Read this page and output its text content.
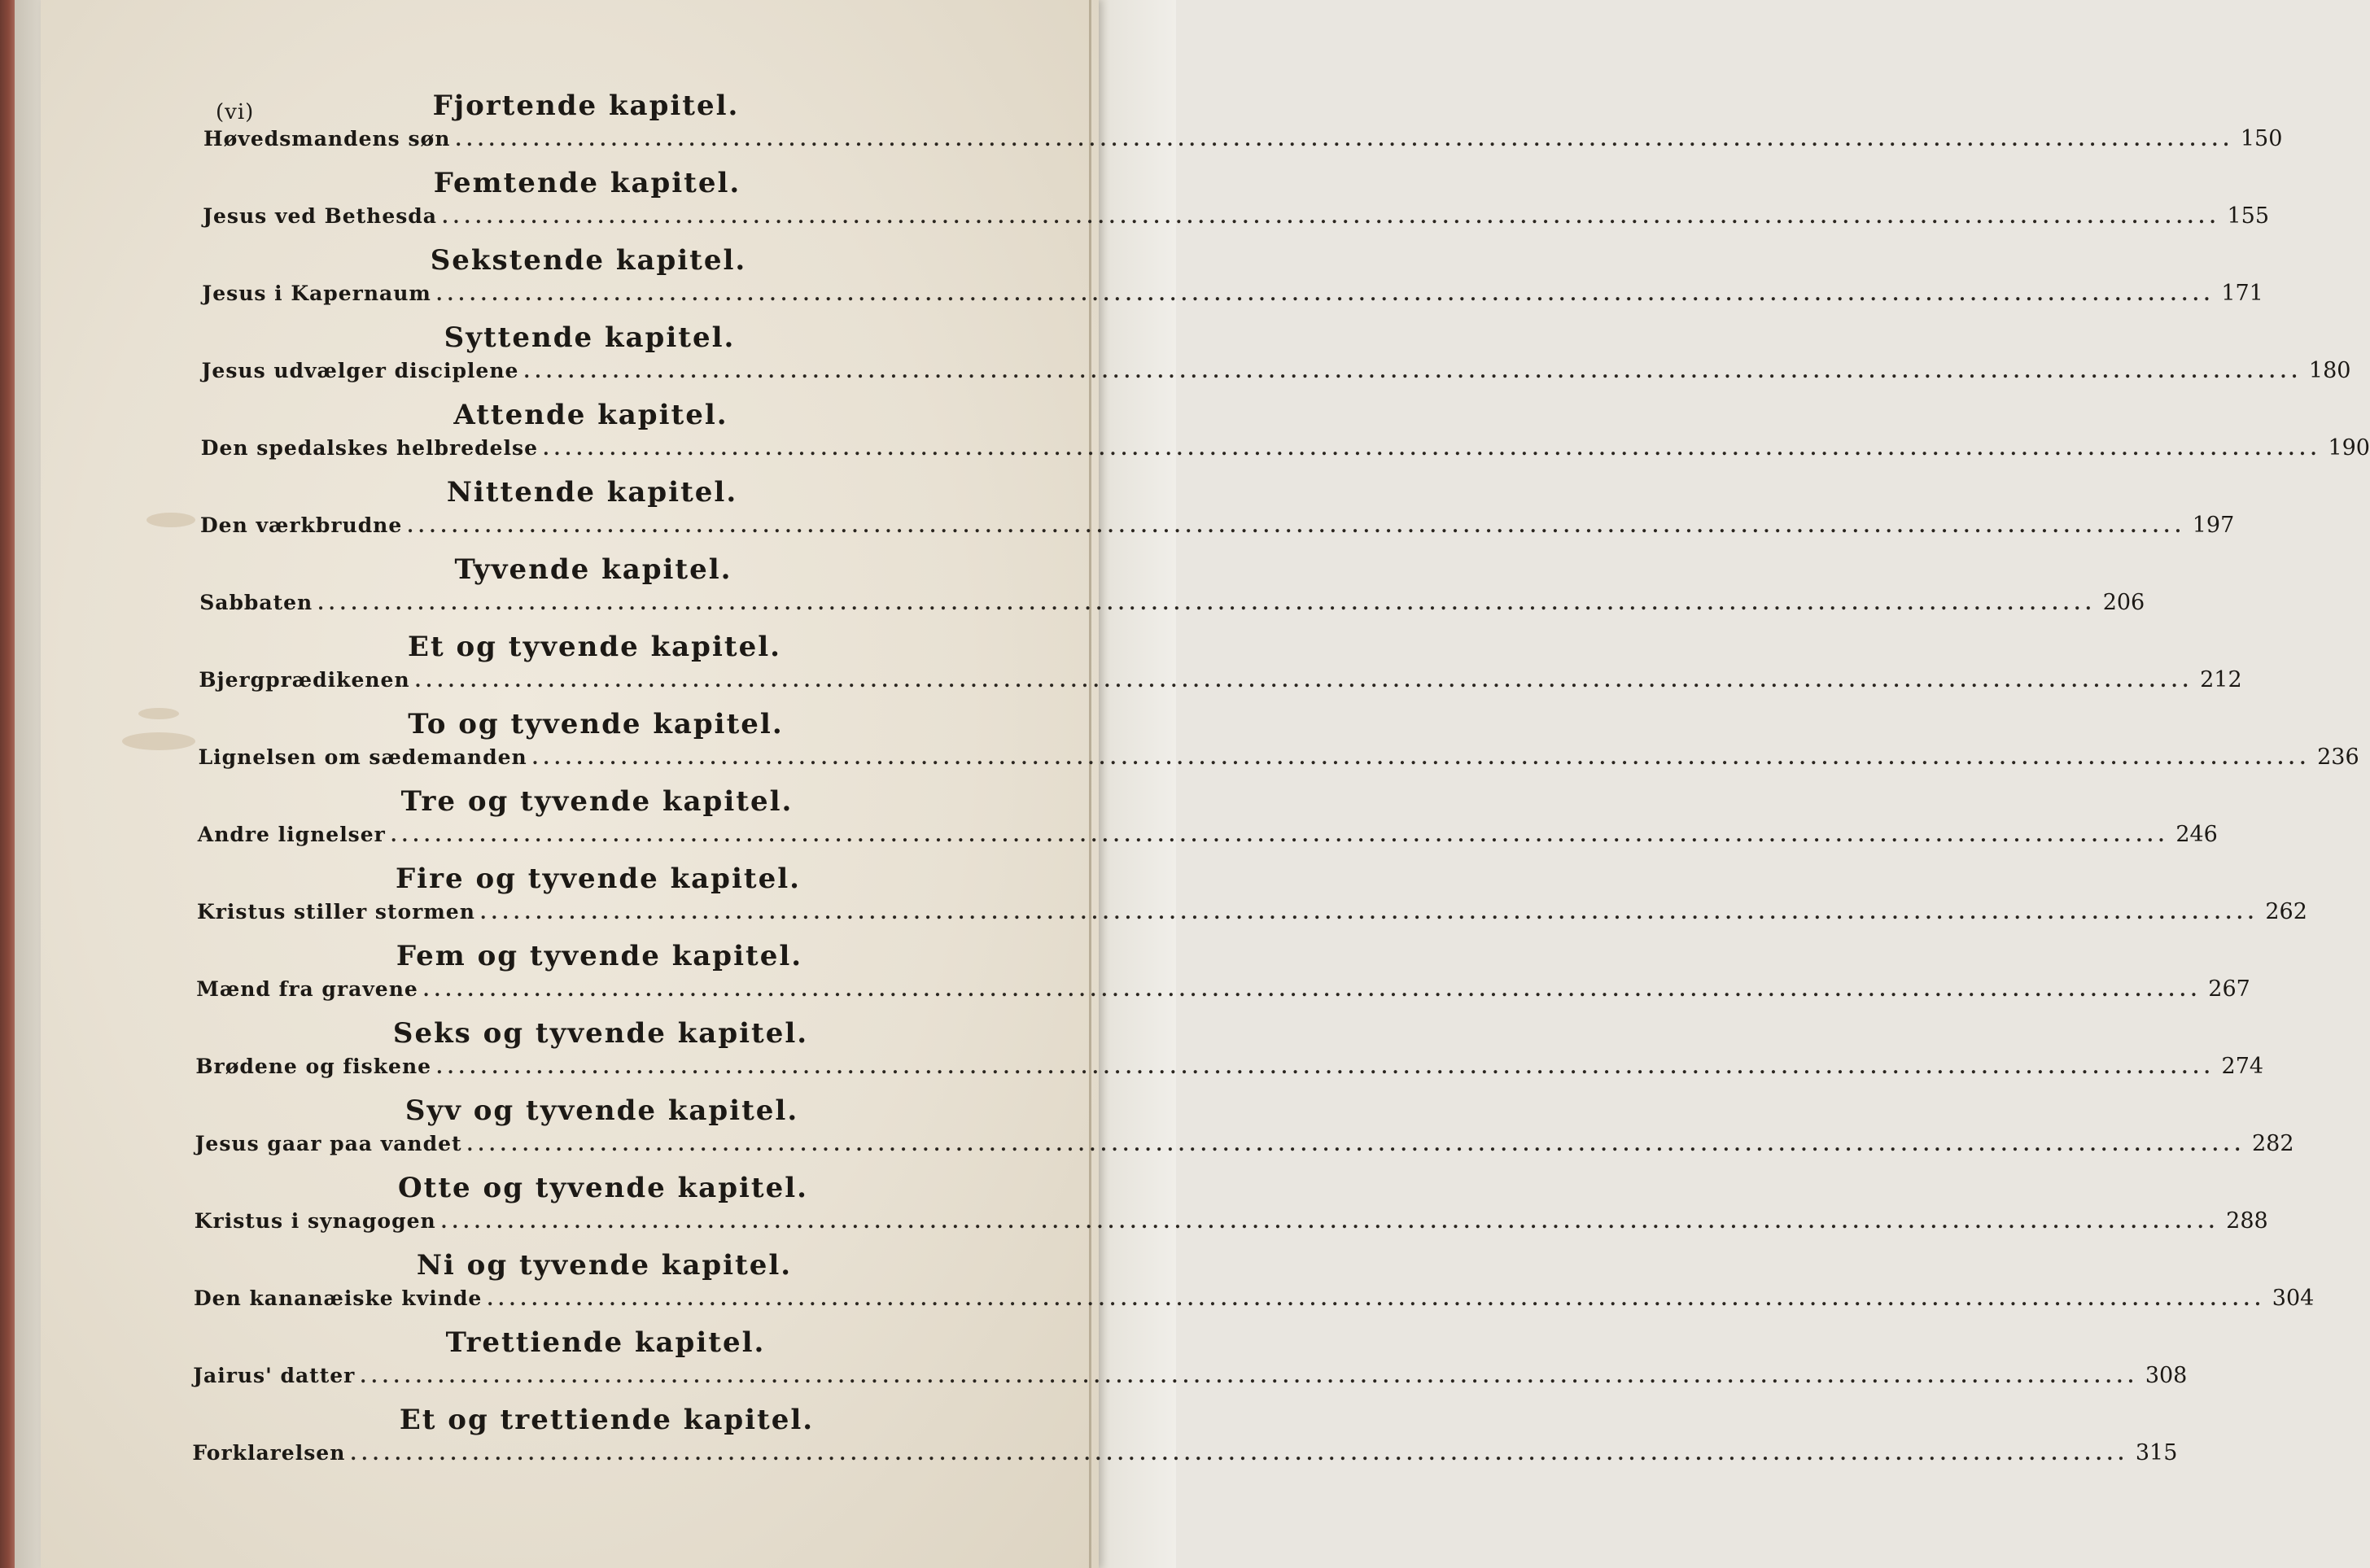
(vi)	Fjortende kapitel.
Høvedsmandens søn ................................................................................................................................................................ 150
Femtende kapitel.
Jesus ved Bethesda ................................................................................................................................................................ 155
Sekstende kapitel.
Jesus i Kapernaum ................................................................................................................................................................ 171
Syttende kapitel.
Jesus udvælger disciplene ................................................................................................................................................................ 180
Attende kapitel.
Den spedalskes helbredelse ................................................................................................................................................................ 190
Nittende kapitel.
Den værkbrudne ................................................................................................................................................................ 197
Tyvende kapitel.
Sabbaten ................................................................................................................................................................ 206
Et og tyvende kapitel.
Bjergprædikenen ................................................................................................................................................................ 212
To og tyvende kapitel.
Lignelsen om sædemanden ................................................................................................................................................................ 236
Tre og tyvende kapitel.
Andre lignelser ................................................................................................................................................................ 246
Fire og tyvende kapitel.
Kristus stiller stormen ................................................................................................................................................................ 262
Fem og tyvende kapitel.
Mænd fra gravene ................................................................................................................................................................ 267
Seks og tyvende kapitel.
Brødene og fiskene ................................................................................................................................................................ 274
Syv og tyvende kapitel.
Jesus gaar paa vandet ................................................................................................................................................................ 282
Otte og tyvende kapitel.
Kristus i synagogen ................................................................................................................................................................ 288
Ni og tyvende kapitel.
Den kananæiske kvinde ................................................................................................................................................................ 304
Trettiende kapitel.
Jairus' datter ................................................................................................................................................................ 308
Et og trettiende kapitel.
Forklarelsen ................................................................................................................................................................ 315
